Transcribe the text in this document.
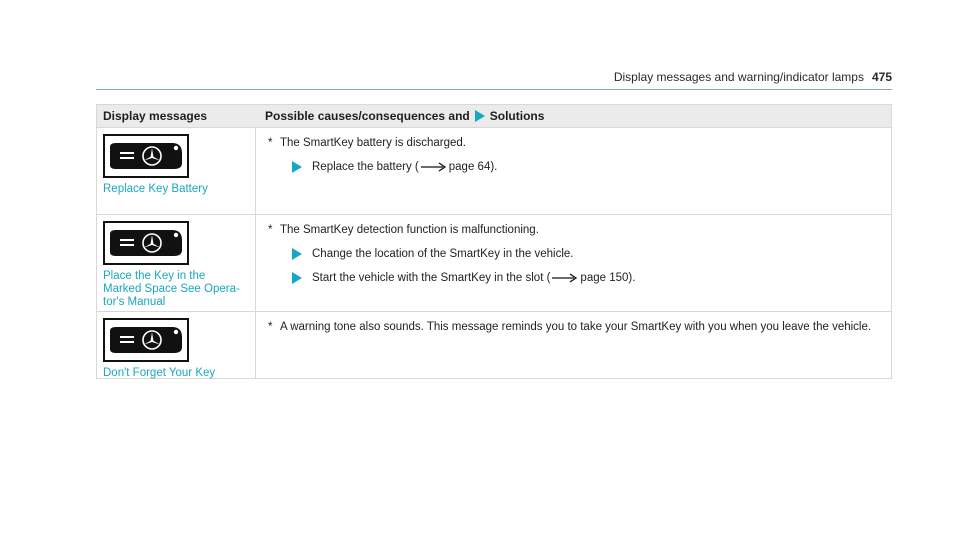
Display messages and warning/indicator lamps 475
Display messages	Possible causes/consequences and Solutions
Replace Key Battery
* The SmartKey battery is discharged.
Replace the battery (	page 64).
Place the Key in the
Marked Space See Opera-
tor's Manual
* The SmartKey detection function is malfunctioning.
Change the location of the SmartKey in the vehicle.
Start the vehicle with the SmartKey in the slot (	page 150).
Don't Forget Your Key
* A warning tone also sounds. This message reminds you to take your SmartKey with you when you leave the vehicle.
